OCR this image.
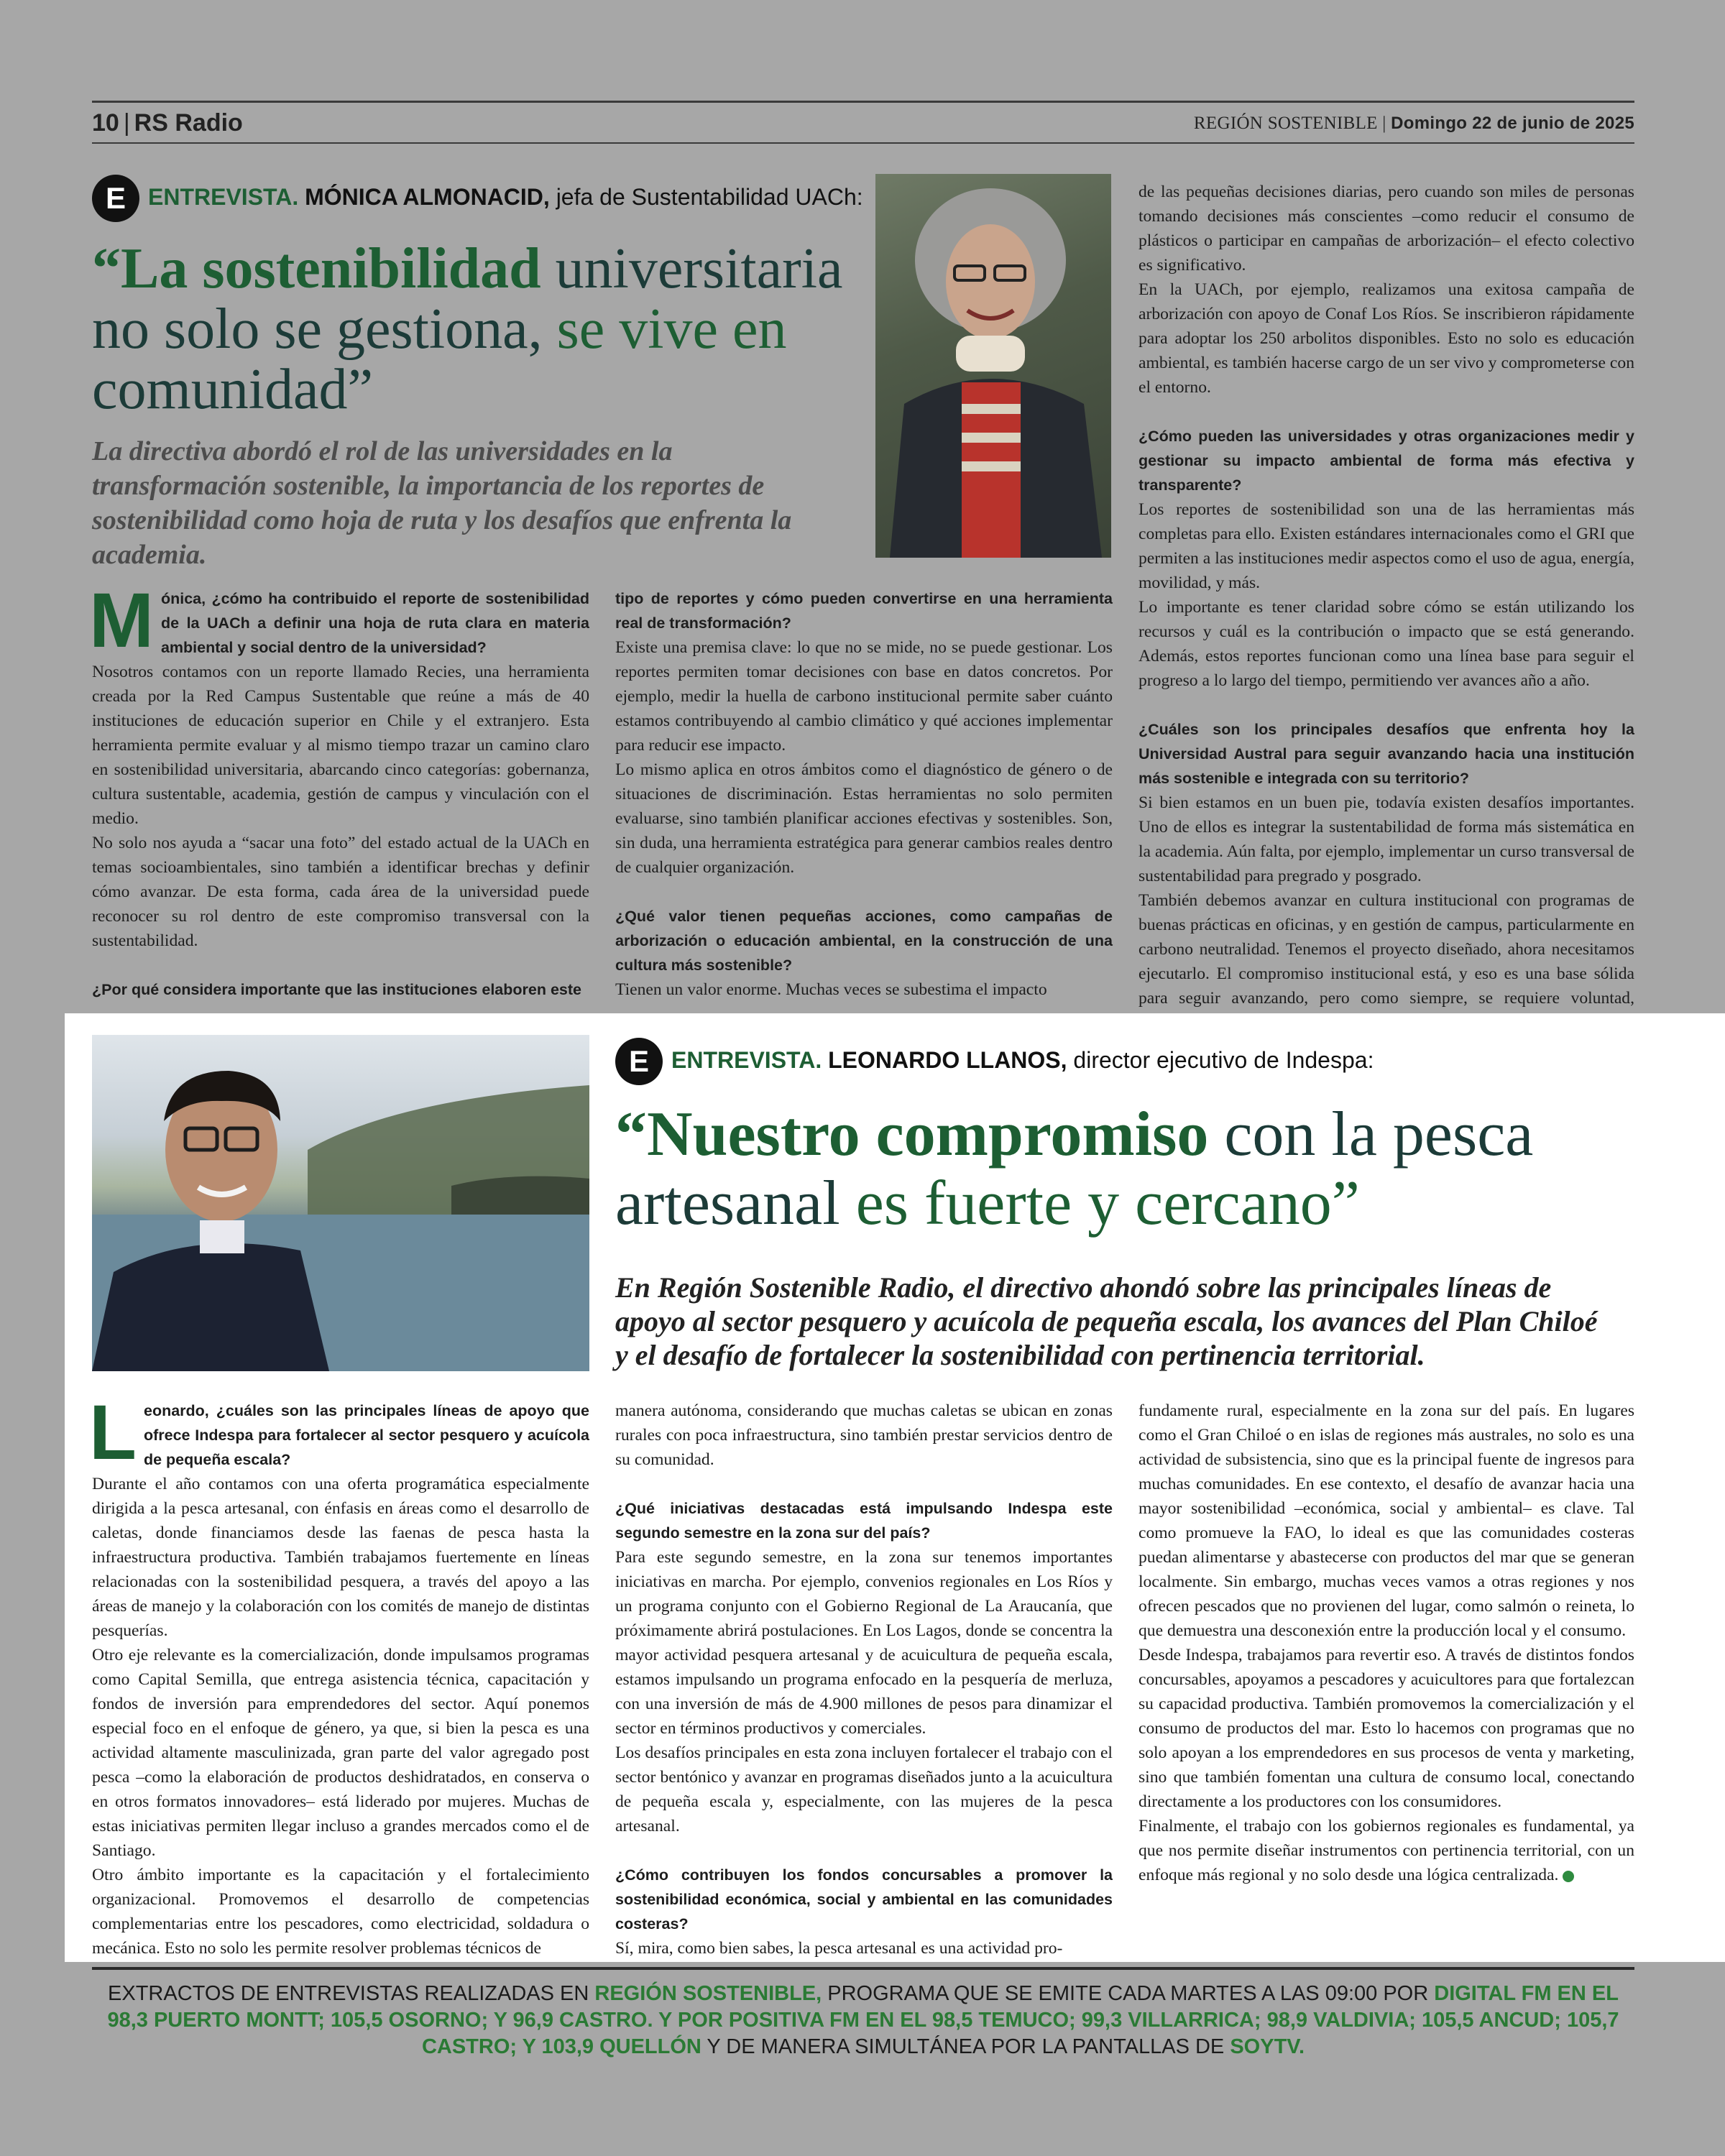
10 | RS Radio	REGIÓN SOSTENIBLE | Domingo 22 de junio de 2025
E ENTREVISTA. MÓNICA ALMONACID, jefa de Sustentabilidad UACh:
“La sostenibilidad universitaria
no solo se gestiona, se vive en
comunidad”
La directiva abordó el rol de las universidades en la transformación sostenible, la importancia de los reportes de sostenibilidad como hoja de ruta y los desafíos que enfrenta la academia.
M ónica, ¿cómo ha contribuido el reporte de sostenibilidad de la UACh a definir una hoja de ruta clara en materia ambiental y social dentro de la universidad?

Nosotros contamos con un reporte llamado Recies, una herramienta creada por la Red Campus Sustentable que reúne a más de 40 instituciones de educación superior en Chile y el extranjero. Esta herramienta permite evaluar y al mismo tiempo trazar un camino claro en sostenibilidad universitaria, abarcando cinco categorías: gobernanza, cultura sustentable, academia, gestión de campus y vinculación con el medio.

No solo nos ayuda a “sacar una foto” del estado actual de la UACh en temas socioambientales, sino también a identificar brechas y definir cómo avanzar. De esta forma, cada área de la universidad puede reconocer su rol dentro de este compromiso transversal con la sustentabilidad.

¿Por qué considera importante que las instituciones elaboren este

tipo de reportes y cómo pueden convertirse en una herramienta real de transformación?

Existe una premisa clave: lo que no se mide, no se puede gestionar. Los reportes permiten tomar decisiones con base en datos concretos. Por ejemplo, medir la huella de carbono institucional permite saber cuánto estamos contribuyendo al cambio climático y qué acciones implementar para reducir ese impacto.

Lo mismo aplica en otros ámbitos como el diagnóstico de género o de situaciones de discriminación. Estas herramientas no solo permiten evaluarse, sino también planificar acciones efectivas y sostenibles. Son, sin duda, una herramienta estratégica para generar cambios reales dentro de cualquier organización.

¿Qué valor tienen pequeñas acciones, como campañas de arborización o educación ambiental, en la construcción de una cultura más sostenible?

Tienen un valor enorme. Muchas veces se subestima el impacto

de las pequeñas decisiones diarias, pero cuando son miles de personas tomando decisiones más conscientes –como reducir el consumo de plásticos o participar en campañas de arborización– el efecto colectivo es significativo.

En la UACh, por ejemplo, realizamos una exitosa campaña de arborización con apoyo de Conaf Los Ríos. Se inscribieron rápidamente para adoptar los 250 arbolitos disponibles. Esto no solo es educación ambiental, es también hacerse cargo de un ser vivo y comprometerse con el entorno.

¿Cómo pueden las universidades y otras organizaciones medir y gestionar su impacto ambiental de forma más efectiva y transparente?

Los reportes de sostenibilidad son una de las herramientas más completas para ello. Existen estándares internacionales como el GRI que permiten a las instituciones medir aspectos como el uso de agua, energía, movilidad, y más.

Lo importante es tener claridad sobre cómo se están utilizando los recursos y cuál es la contribución o impacto que se está generando. Además, estos reportes funcionan como una línea base para seguir el progreso a lo largo del tiempo, permitiendo ver avances año a año.

¿Cuáles son los principales desafíos que enfrenta hoy la Universidad Austral para seguir avanzando hacia una institución más sostenible e integrada con su territorio?

Si bien estamos en un buen pie, todavía existen desafíos importantes. Uno de ellos es integrar la sustentabilidad de forma más sistemática en la academia. Aún falta, por ejemplo, implementar un curso transversal de sustentabilidad para pregrado y posgrado.

También debemos avanzar en cultura institucional con programas de buenas prácticas en oficinas, y en gestión de campus, particularmente en carbono neutralidad. Tenemos el proyecto diseñado, ahora necesitamos ejecutarlo. El compromiso institucional está, y eso es una base sólida para seguir avanzando, pero como siempre, se requiere voluntad,

E ENTREVISTA. LEONARDO LLANOS, director ejecutivo de Indespa:
“Nuestro compromiso con la pesca
artesanal es fuerte y cercano”
En Región Sostenible Radio, el directivo ahondó sobre las principales líneas de apoyo al sector pesquero y acuícola de pequeña escala, los avances del Plan Chiloé y el desafío de fortalecer la sostenibilidad con pertinencia territorial.
L eonardo, ¿cuáles son las principales líneas de apoyo que ofrece Indespa para fortalecer al sector pesquero y acuícola de pequeña escala?

Durante el año contamos con una oferta programática especialmente dirigida a la pesca artesanal, con énfasis en áreas como el desarrollo de caletas, donde financiamos desde las faenas de pesca hasta la infraestructura productiva. También trabajamos fuertemente en líneas relacionadas con la sostenibilidad pesquera, a través del apoyo a las áreas de manejo y la colaboración con los comités de manejo de distintas pesquerías.

Otro eje relevante es la comercialización, donde impulsamos programas como Capital Semilla, que entrega asistencia técnica, capacitación y fondos de inversión para emprendedores del sector. Aquí ponemos especial foco en el enfoque de género, ya que, si bien la pesca es una actividad altamente masculinizada, gran parte del valor agregado post pesca –como la elaboración de productos deshidratados, en conserva o en otros formatos innovadores– está liderado por mujeres. Muchas de estas iniciativas permiten llegar incluso a grandes mercados como el de Santiago.

Otro ámbito importante es la capacitación y el fortalecimiento organizacional. Promovemos el desarrollo de competencias complementarias entre los pescadores, como electricidad, soldadura o mecánica. Esto no solo les permite resolver problemas técnicos de

manera autónoma, considerando que muchas caletas se ubican en zonas rurales con poca infraestructura, sino también prestar servicios dentro de su comunidad.

¿Qué iniciativas destacadas está impulsando Indespa este segundo semestre en la zona sur del país?

Para este segundo semestre, en la zona sur tenemos importantes iniciativas en marcha. Por ejemplo, convenios regionales en Los Ríos y un programa conjunto con el Gobierno Regional de La Araucanía, que próximamente abrirá postulaciones. En Los Lagos, donde se concentra la mayor actividad pesquera artesanal y de acuicultura de pequeña escala, estamos impulsando un programa enfocado en la pesquería de merluza, con una inversión de más de 4.900 millones de pesos para dinamizar el sector en términos productivos y comerciales.

Los desafíos principales en esta zona incluyen fortalecer el trabajo con el sector bentónico y avanzar en programas diseñados junto a la acuicultura de pequeña escala y, especialmente, con las mujeres de la pesca artesanal.

¿Cómo contribuyen los fondos concursables a promover la sostenibilidad económica, social y ambiental en las comunidades costeras?

Sí, mira, como bien sabes, la pesca artesanal es una actividad pro-

fundamente rural, especialmente en la zona sur del país. En lugares como el Gran Chiloé o en islas de regiones más australes, no solo es una actividad de subsistencia, sino que es la principal fuente de ingresos para muchas comunidades. En ese contexto, el desafío de avanzar hacia una mayor sostenibilidad –económica, social y ambiental– es clave. Tal como promueve la FAO, lo ideal es que las comunidades costeras puedan alimentarse y abastecerse con productos del mar que se generan localmente. Sin embargo, muchas veces vamos a otras regiones y nos ofrecen pescados que no provienen del lugar, como salmón o reineta, lo que demuestra una desconexión entre la producción local y el consumo.

Desde Indespa, trabajamos para revertir eso. A través de distintos fondos concursables, apoyamos a pescadores y acuicultores para que fortalezcan su capacidad productiva. También promovemos la comercialización y el consumo de productos del mar. Esto lo hacemos con programas que no solo apoyan a los emprendedores en sus procesos de venta y marketing, sino que también fomentan una cultura de consumo local, conectando directamente a los productores con los consumidores.

Finalmente, el trabajo con los gobiernos regionales es fundamental, ya que nos permite diseñar instrumentos con pertinencia territorial, con un enfoque más regional y no solo desde una lógica centralizada.

EXTRACTOS DE ENTREVISTAS REALIZADAS EN REGIÓN SOSTENIBLE, PROGRAMA QUE SE EMITE CADA MARTES A LAS 09:00 POR DIGITAL FM EN EL 98,3 PUERTO MONTT; 105,5 OSORNO; Y 96,9 CASTRO. Y POR POSITIVA FM EN EL 98,5 TEMUCO; 99,3 VILLARRICA; 98,9 VALDIVIA; 105,5 ANCUD; 105,7 CASTRO; Y 103,9 QUELLÓN Y DE MANERA SIMULTÁNEA POR LA PANTALLAS DE SOYTV.
